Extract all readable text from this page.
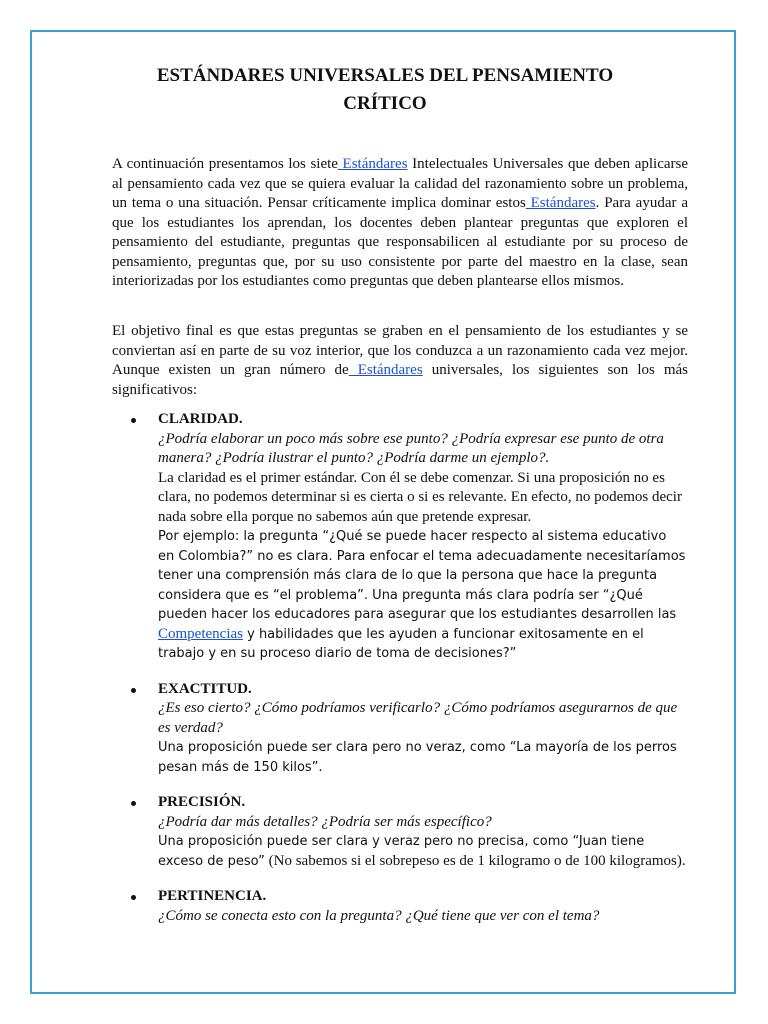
ESTÁNDARES UNIVERSALES DEL PENSAMIENTO
CRÍTICO
A continuación presentamos los siete Estándares Intelectuales Universales que deben aplicarse al pensamiento cada vez que se quiera evaluar la calidad del razonamiento sobre un problema, un tema o una situación. Pensar críticamente implica dominar estos Estándares. Para ayudar a que los estudiantes los aprendan, los docentes deben plantear preguntas que exploren el pensamiento del estudiante, preguntas que responsabilicen al estudiante por su proceso de pensamiento, preguntas que, por su uso consistente por parte del maestro en la clase, sean interiorizadas por los estudiantes como preguntas que deben plantearse ellos mismos.
El objetivo final es que estas preguntas se graben en el pensamiento de los estudiantes y se conviertan así en parte de su voz interior, que los conduzca a un razonamiento cada vez mejor. Aunque existen un gran número de Estándares universales, los siguientes son los más significativos:
CLARIDAD.
¿Podría elaborar un poco más sobre ese punto? ¿Podría expresar ese punto de otra manera? ¿Podría ilustrar el punto? ¿Podría darme un ejemplo?.
La claridad es el primer estándar. Con él se debe comenzar. Si una proposición no es clara, no podemos determinar si es cierta o si es relevante. En efecto, no podemos decir nada sobre ella porque no sabemos aún que pretende expresar.
Por ejemplo: la pregunta “¿Qué se puede hacer respecto al sistema educativo en Colombia?” no es clara. Para enfocar el tema adecuadamente necesitaríamos tener una comprensión más clara de lo que la persona que hace la pregunta considera que es “el problema”. Una pregunta más clara podría ser “¿Qué pueden hacer los educadores para asegurar que los estudiantes desarrollen las Competencias y habilidades que les ayuden a funcionar exitosamente en el trabajo y en su proceso diario de toma de decisiones?”
EXACTITUD.
¿Es eso cierto? ¿Cómo podríamos verificarlo? ¿Cómo podríamos asegurarnos de que es verdad?
Una proposición puede ser clara pero no veraz, como “La mayoría de los perros pesan más de 150 kilos”.
PRECISIÓN.
¿Podría dar más detalles? ¿Podría ser más específico?
Una proposición puede ser clara y veraz pero no precisa, como “Juan tiene exceso de peso” (No sabemos si el sobrepeso es de 1 kilogramo o de 100 kilogramos).
PERTINENCIA.
¿Cómo se conecta esto con la pregunta? ¿Qué tiene que ver con el tema?
